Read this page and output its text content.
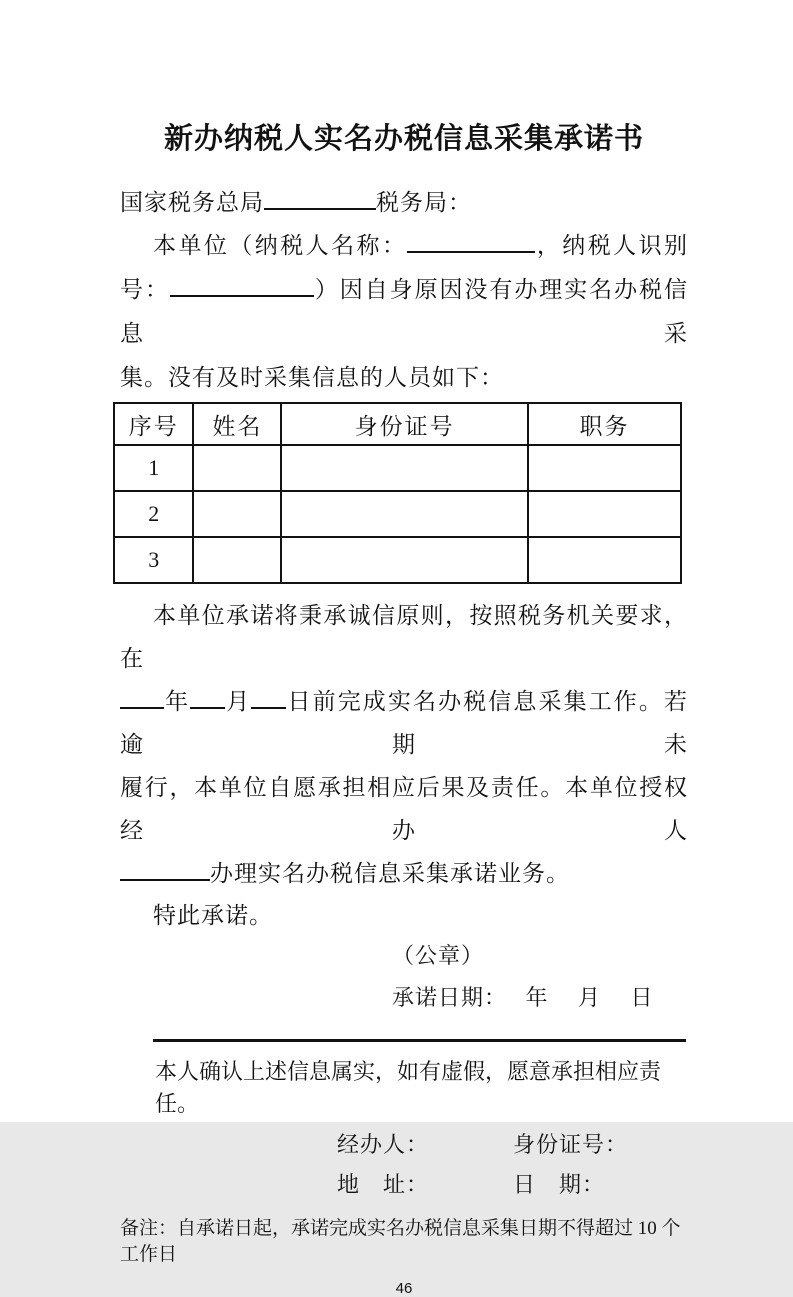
新办纳税人实名办税信息采集承诺书
国家税务总局	税务局：
本单位（纳税人名称：	，纳税人识别
号：	）因自身原因没有办理实名办税信息采
集。没有及时采集信息的人员如下：
序号	姓名	身份证号	职务
1			
2			
3			
本单位承诺将秉承诚信原则，按照税务机关要求，在
年 月 日前完成实名办税信息采集工作。若逾期未
履行，本单位自愿承担相应后果及责任。本单位授权经办人
办理实名办税信息采集承诺业务。
特此承诺。
（公章）
承诺日期：　 年　 月　 日
本人确认上述信息属实，如有虚假，愿意承担相应责任。
经办人：	身份证号：
地　址：	日　期：
备注：自承诺日起，承诺完成实名办税信息采集日期不得超过 10 个工作日
46
